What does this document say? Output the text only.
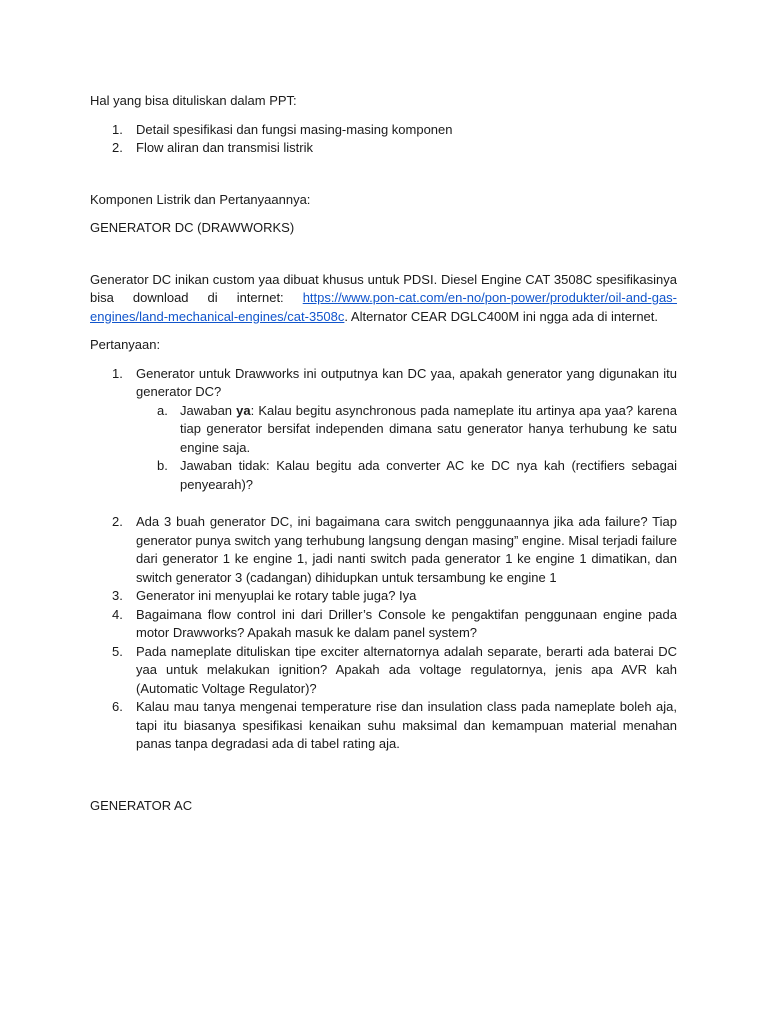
Hal yang bisa dituliskan dalam PPT:

1. Detail spesifikasi dan fungsi masing-masing komponen
2. Flow aliran dan transmisi listrik

Komponen Listrik dan Pertanyaannya:

GENERATOR DC (DRAWWORKS)

Generator DC inikan custom yaa dibuat khusus untuk PDSI. Diesel Engine CAT 3508C spesifikasinya bisa download di internet: https://www.pon-cat.com/en-no/pon-power/produkter/oil-and-gas-engines/land-mechanical-engines/cat-3508c. Alternator CEAR DGLC400M ini ngga ada di internet.

Pertanyaan:

1. Generator untuk Drawworks ini outputnya kan DC yaa, apakah generator yang digunakan itu generator DC?
a. Jawaban ya: Kalau begitu asynchronous pada nameplate itu artinya apa yaa? karena tiap generator bersifat independen dimana satu generator hanya terhubung ke satu engine saja.
b. Jawaban tidak: Kalau begitu ada converter AC ke DC nya kah (rectifiers sebagai penyearah)?
2. Ada 3 buah generator DC, ini bagaimana cara switch penggunaannya jika ada failure? Tiap generator punya switch yang terhubung langsung dengan masing” engine. Misal terjadi failure dari generator 1 ke engine 1, jadi nanti switch pada generator 1 ke engine 1 dimatikan, dan switch generator 3 (cadangan) dihidupkan untuk tersambung ke engine 1
3. Generator ini menyuplai ke rotary table juga? Iya
4. Bagaimana flow control ini dari Driller’s Console ke pengaktifan penggunaan engine pada motor Drawworks? Apakah masuk ke dalam panel system?
5. Pada nameplate dituliskan tipe exciter alternatornya adalah separate, berarti ada baterai DC yaa untuk melakukan ignition? Apakah ada voltage regulatornya, jenis apa AVR kah (Automatic Voltage Regulator)?
6. Kalau mau tanya mengenai temperature rise dan insulation class pada nameplate boleh aja, tapi itu biasanya spesifikasi kenaikan suhu maksimal dan kemampuan material menahan panas tanpa degradasi ada di tabel rating aja.

GENERATOR AC
